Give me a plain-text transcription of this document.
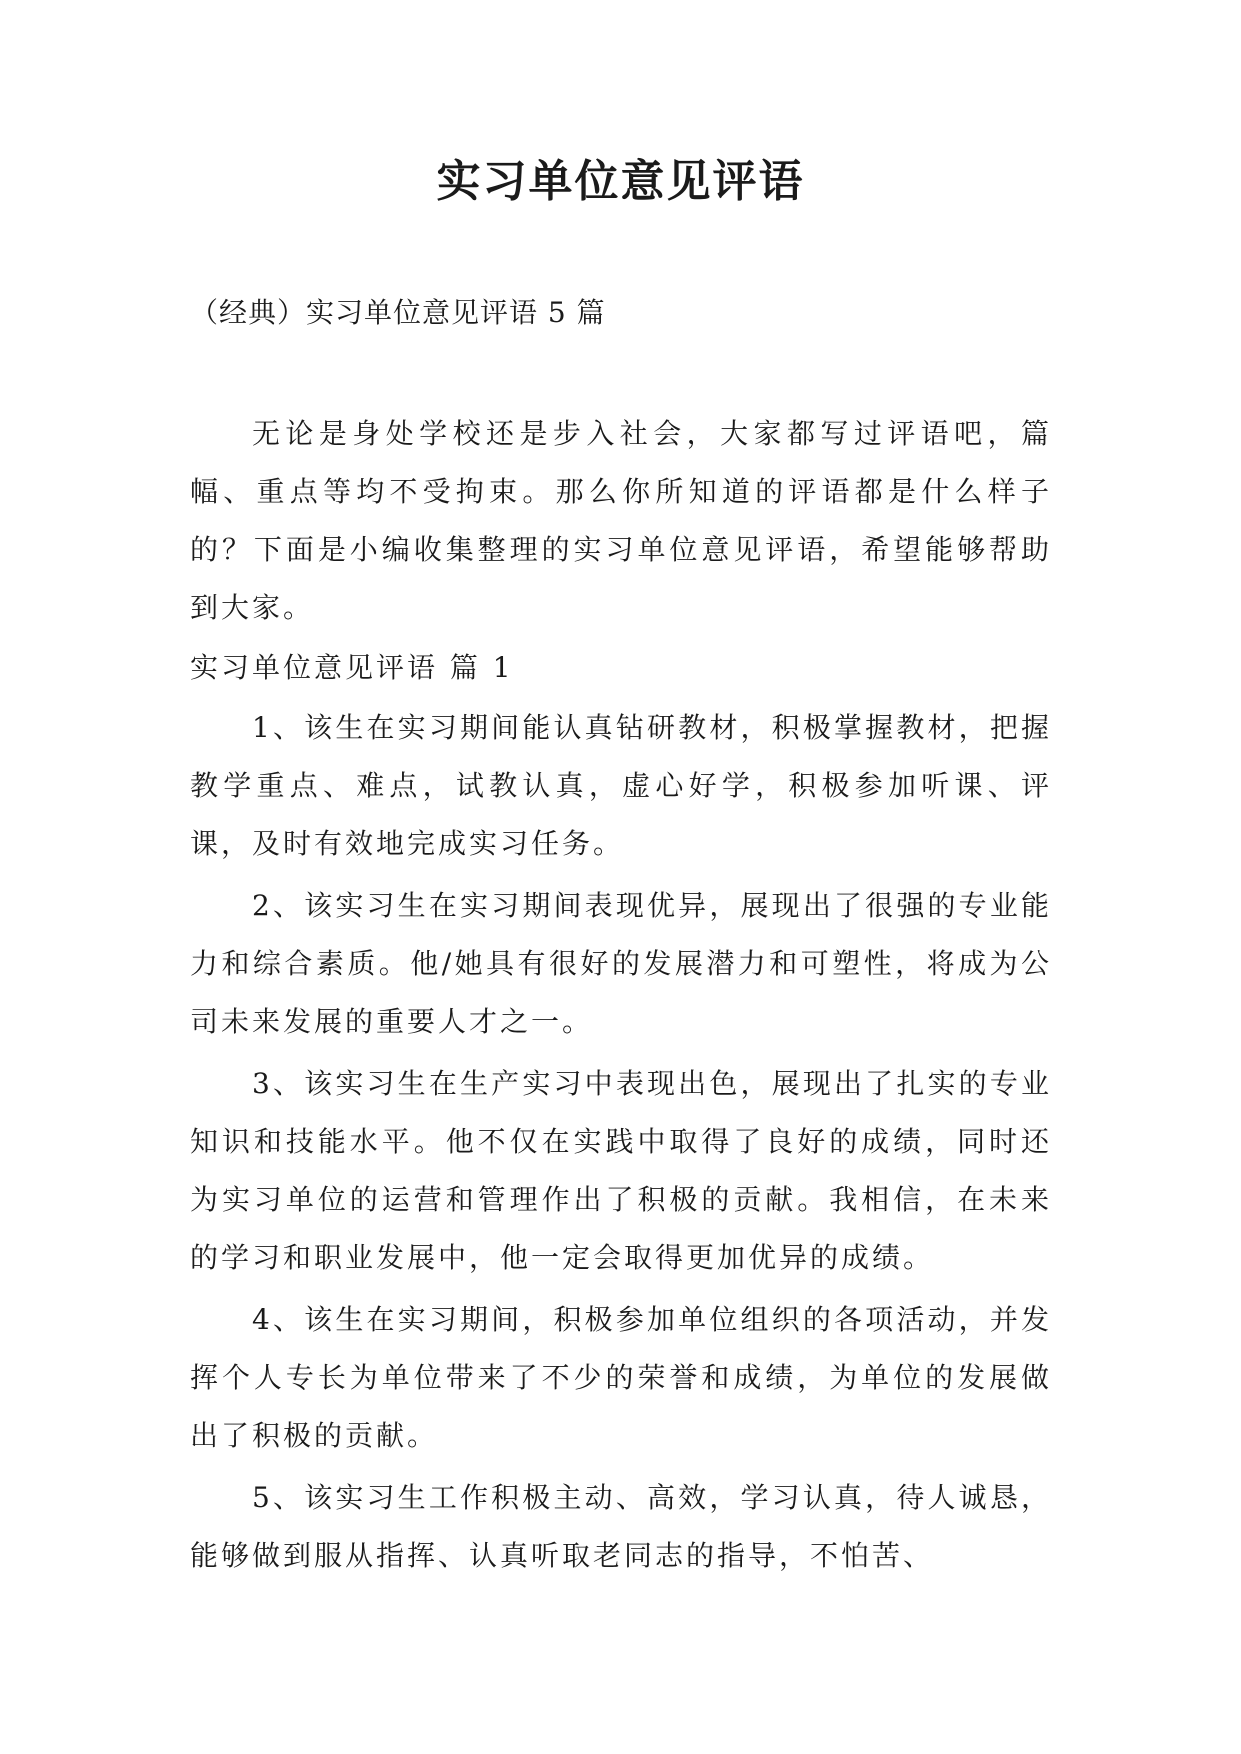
实习单位意见评语

（经典）实习单位意见评语 5 篇

无论是身处学校还是步入社会，大家都写过评语吧，篇幅、重点等均不受拘束。那么你所知道的评语都是什么样子的？下面是小编收集整理的实习单位意见评语，希望能够帮助到大家。

实习单位意见评语 篇 1

1、该生在实习期间能认真钻研教材，积极掌握教材，把握教学重点、难点，试教认真，虚心好学，积极参加听课、评课，及时有效地完成实习任务。

2、该实习生在实习期间表现优异，展现出了很强的专业能力和综合素质。他/她具有很好的发展潜力和可塑性，将成为公司未来发展的重要人才之一。

3、该实习生在生产实习中表现出色，展现出了扎实的专业知识和技能水平。他不仅在实践中取得了良好的成绩，同时还为实习单位的运营和管理作出了积极的贡献。我相信，在未来的学习和职业发展中，他一定会取得更加优异的成绩。

4、该生在实习期间，积极参加单位组织的各项活动，并发挥个人专长为单位带来了不少的荣誉和成绩，为单位的发展做出了积极的贡献。

5、该实习生工作积极主动、高效，学习认真，待人诚恳，能够做到服从指挥、认真听取老同志的指导，不怕苦、
